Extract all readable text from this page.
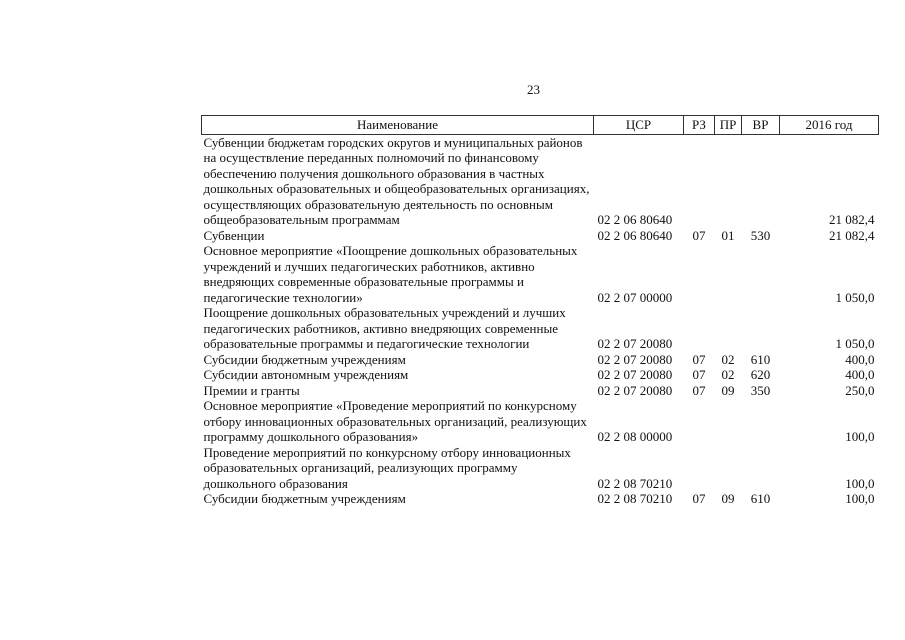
23
Наименование	ЦСР	РЗ	ПР	ВР	2016 год
Субвенции бюджетам городских округов и муниципальных районов на осуществление переданных полномочий по финансовому обеспечению получения дошкольного образования в частных дошкольных образовательных и общеобразовательных организациях, осуществляющих образовательную деятельность по основным общеобразовательным программам	02 2 06 80640				21 082,4
Субвенции	02 2 06 80640	07	01	530	21 082,4
Основное мероприятие «Поощрение дошкольных образовательных учреждений и лучших педагогических работников, активно внедряющих современные образовательные программы и педагогические технологии»	02 2 07 00000				1 050,0
Поощрение дошкольных образовательных учреждений и лучших педагогических работников, активно внедряющих современные образовательные программы и педагогические технологии	02 2 07 20080				1 050,0
Субсидии бюджетным учреждениям	02 2 07 20080	07	02	610	400,0
Субсидии автономным учреждениям	02 2 07 20080	07	02	620	400,0
Премии и гранты	02 2 07 20080	07	09	350	250,0
Основное мероприятие «Проведение мероприятий по конкурсному отбору инновационных образовательных организаций, реализующих программу дошкольного образования»	02 2 08 00000				100,0
Проведение мероприятий по конкурсному отбору инновационных образовательных организаций, реализующих программу дошкольного образования	02 2 08 70210				100,0
Субсидии бюджетным учреждениям	02 2 08 70210	07	09	610	100,0
